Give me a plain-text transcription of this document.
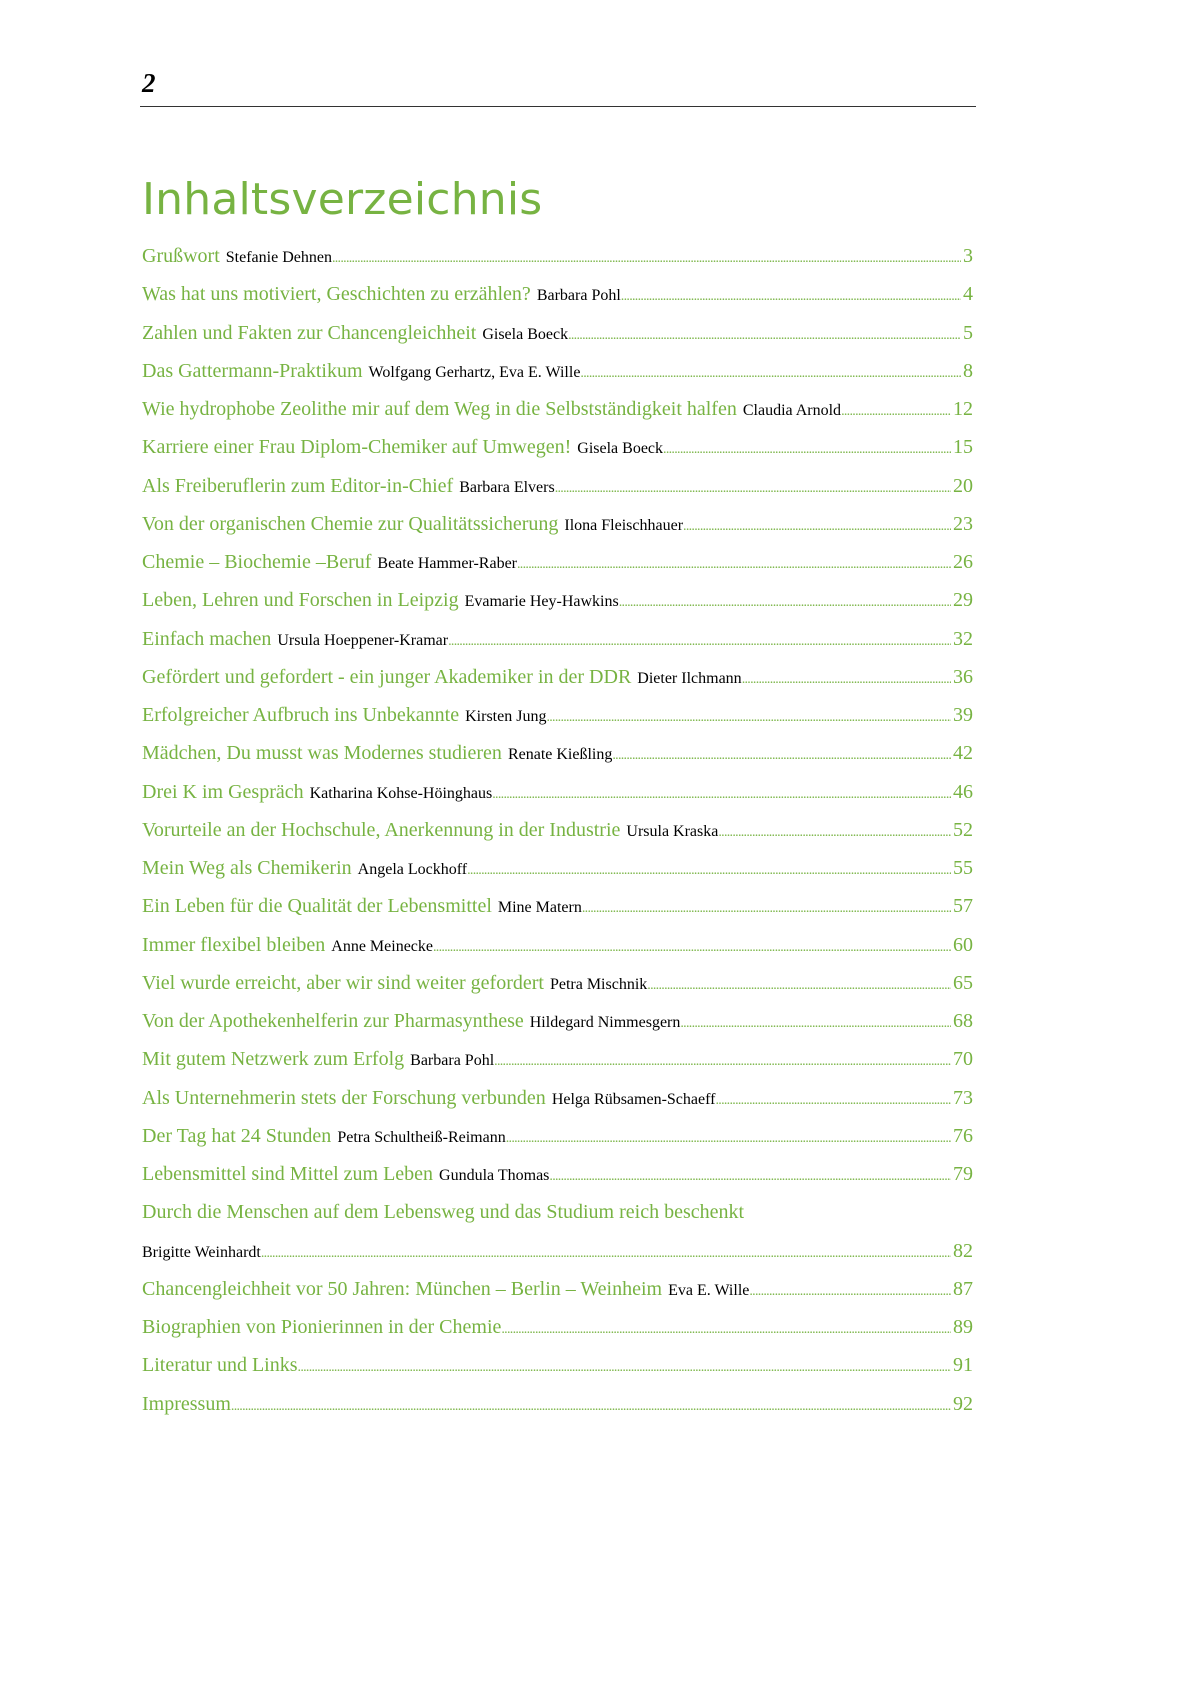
2
Inhaltsverzeichnis
Grußwort Stefanie Dehnen . . .	3
Was hat uns motiviert, Geschichten zu erzählen? Barbara Pohl . . .	4
Zahlen und Fakten zur Chancengleichheit Gisela Boeck . . .	5
Das Gattermann-Praktikum Wolfgang Gerhartz, Eva E. Wille . . .	8
Wie hydrophobe Zeolithe mir auf dem Weg in die Selbstständigkeit halfen Claudia Arnold . . .	12
Karriere einer Frau Diplom-Chemiker auf Umwegen! Gisela Boeck . . .	15
Als Freiberuflerin zum Editor-in-Chief Barbara Elvers . . .	20
Von der organischen Chemie zur Qualitätssicherung Ilona Fleischhauer . . .	23
Chemie – Biochemie –Beruf Beate Hammer-Raber . . .	26
Leben, Lehren und Forschen in Leipzig Evamarie Hey-Hawkins . . .	29
Einfach machen Ursula Hoeppener-Kramar . . .	32
Gefördert und gefordert - ein junger Akademiker in der DDR Dieter Ilchmann . . .	36
Erfolgreicher Aufbruch ins Unbekannte Kirsten Jung . . .	39
Mädchen, Du musst was Modernes studieren Renate Kießling . . .	42
Drei K im Gespräch Katharina Kohse-Höinghaus . . .	46
Vorurteile an der Hochschule, Anerkennung in der Industrie Ursula Kraska . . .	52
Mein Weg als Chemikerin Angela Lockhoff . . .	55
Ein Leben für die Qualität der Lebensmittel Mine Matern . . .	57
Immer flexibel bleiben Anne Meinecke . . .	60
Viel wurde erreicht, aber wir sind weiter gefordert Petra Mischnik . . .	65
Von der Apothekenhelferin zur Pharmasynthese Hildegard Nimmesgern . . .	68
Mit gutem Netzwerk zum Erfolg Barbara Pohl . . .	70
Als Unternehmerin stets der Forschung verbunden Helga Rübsamen-Schaeff . . .	73
Der Tag hat 24 Stunden Petra Schultheiß-Reimann . . .	76
Lebensmittel sind Mittel zum Leben Gundula Thomas . . .	79
Durch die Menschen auf dem Lebensweg und das Studium reich beschenkt
Brigitte Weinhardt . . .	82
Chancengleichheit vor 50 Jahren: München – Berlin – Weinheim Eva E. Wille . . .	87
Biographien von Pionierinnen in der Chemie . . .	89
Literatur und Links . . .	91
Impressum . . .	92
